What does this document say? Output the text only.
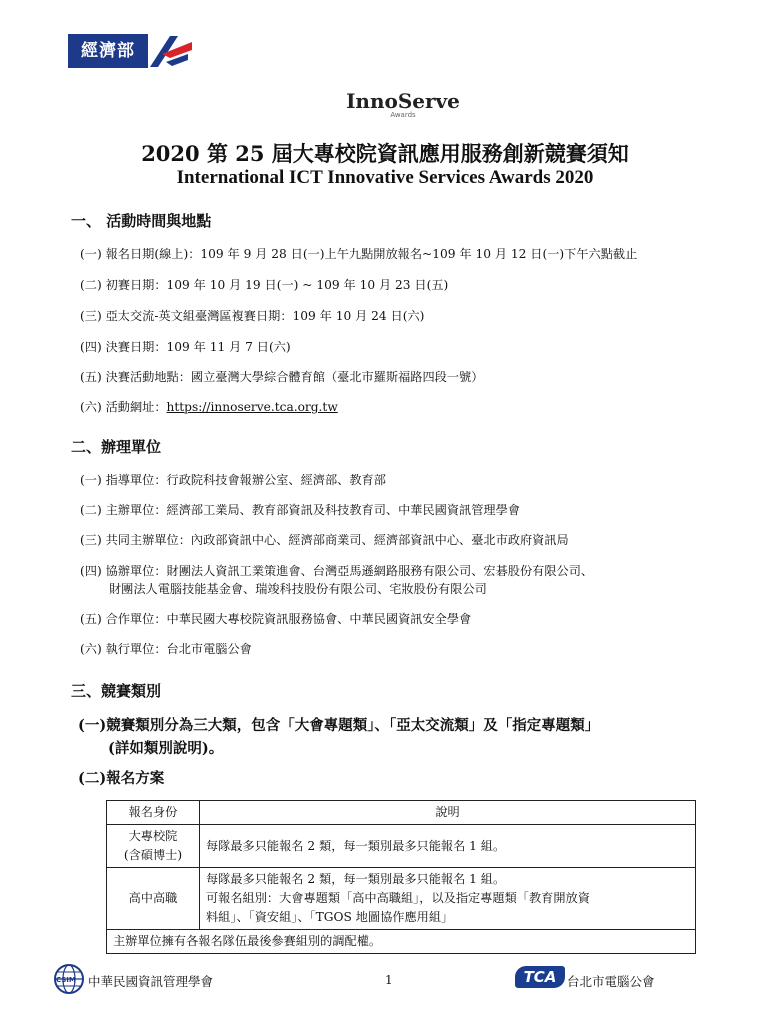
經濟部
InnoServe
Awards
2020 第 25 屆大專校院資訊應用服務創新競賽須知
International ICT Innovative Services Awards 2020
一、 活動時間與地點
(一) 報名日期(線上)：109 年 9 月 28 日(一)上午九點開放報名~109 年 10 月 12 日(一)下午六點截止
(二) 初賽日期：109 年 10 月 19 日(一) ~ 109 年 10 月 23 日(五)
(三) 亞太交流-英文組臺灣區複賽日期：109 年 10 月 24 日(六)
(四) 決賽日期：109 年 11 月 7 日(六)
(五) 決賽活動地點：國立臺灣大學綜合體育館（臺北市羅斯福路四段一號）
(六) 活動網址：https://innoserve.tca.org.tw
二、辦理單位
(一) 指導單位：行政院科技會報辦公室、經濟部、教育部
(二) 主辦單位：經濟部工業局、教育部資訊及科技教育司、中華民國資訊管理學會
(三) 共同主辦單位：內政部資訊中心、經濟部商業司、經濟部資訊中心、臺北市政府資訊局
(四) 協辦單位：財團法人資訊工業策進會、台灣亞馬遜網路服務有限公司、宏碁股份有限公司、
財團法人電腦技能基金會、瑞竣科技股份有限公司、宅妝股份有限公司
(五) 合作單位：中華民國大專校院資訊服務協會、中華民國資訊安全學會
(六) 執行單位：台北市電腦公會
三、競賽類別
(一)競賽類別分為三大類，包含「大會專題類」、「亞太交流類」及「指定專題類」
(詳如類別說明)。
(二)報名方案
報名身份	說明

大專校院
(含碩博士)	每隊最多只能報名 2 類，每一類別最多只能報名 1 組。

高中高職	每隊最多只能報名 2 類，每一類別最多只能報名 1 組。
可報名組別：大會專題類「高中高職組」，以及指定專題類「教育開放資
料組」、「資安組」、「TGOS 地圖協作應用組」

主辦單位擁有各報名隊伍最後參賽組別的調配權。	
CSIM 中華民國資訊管理學會	1	TCA 台北市電腦公會
